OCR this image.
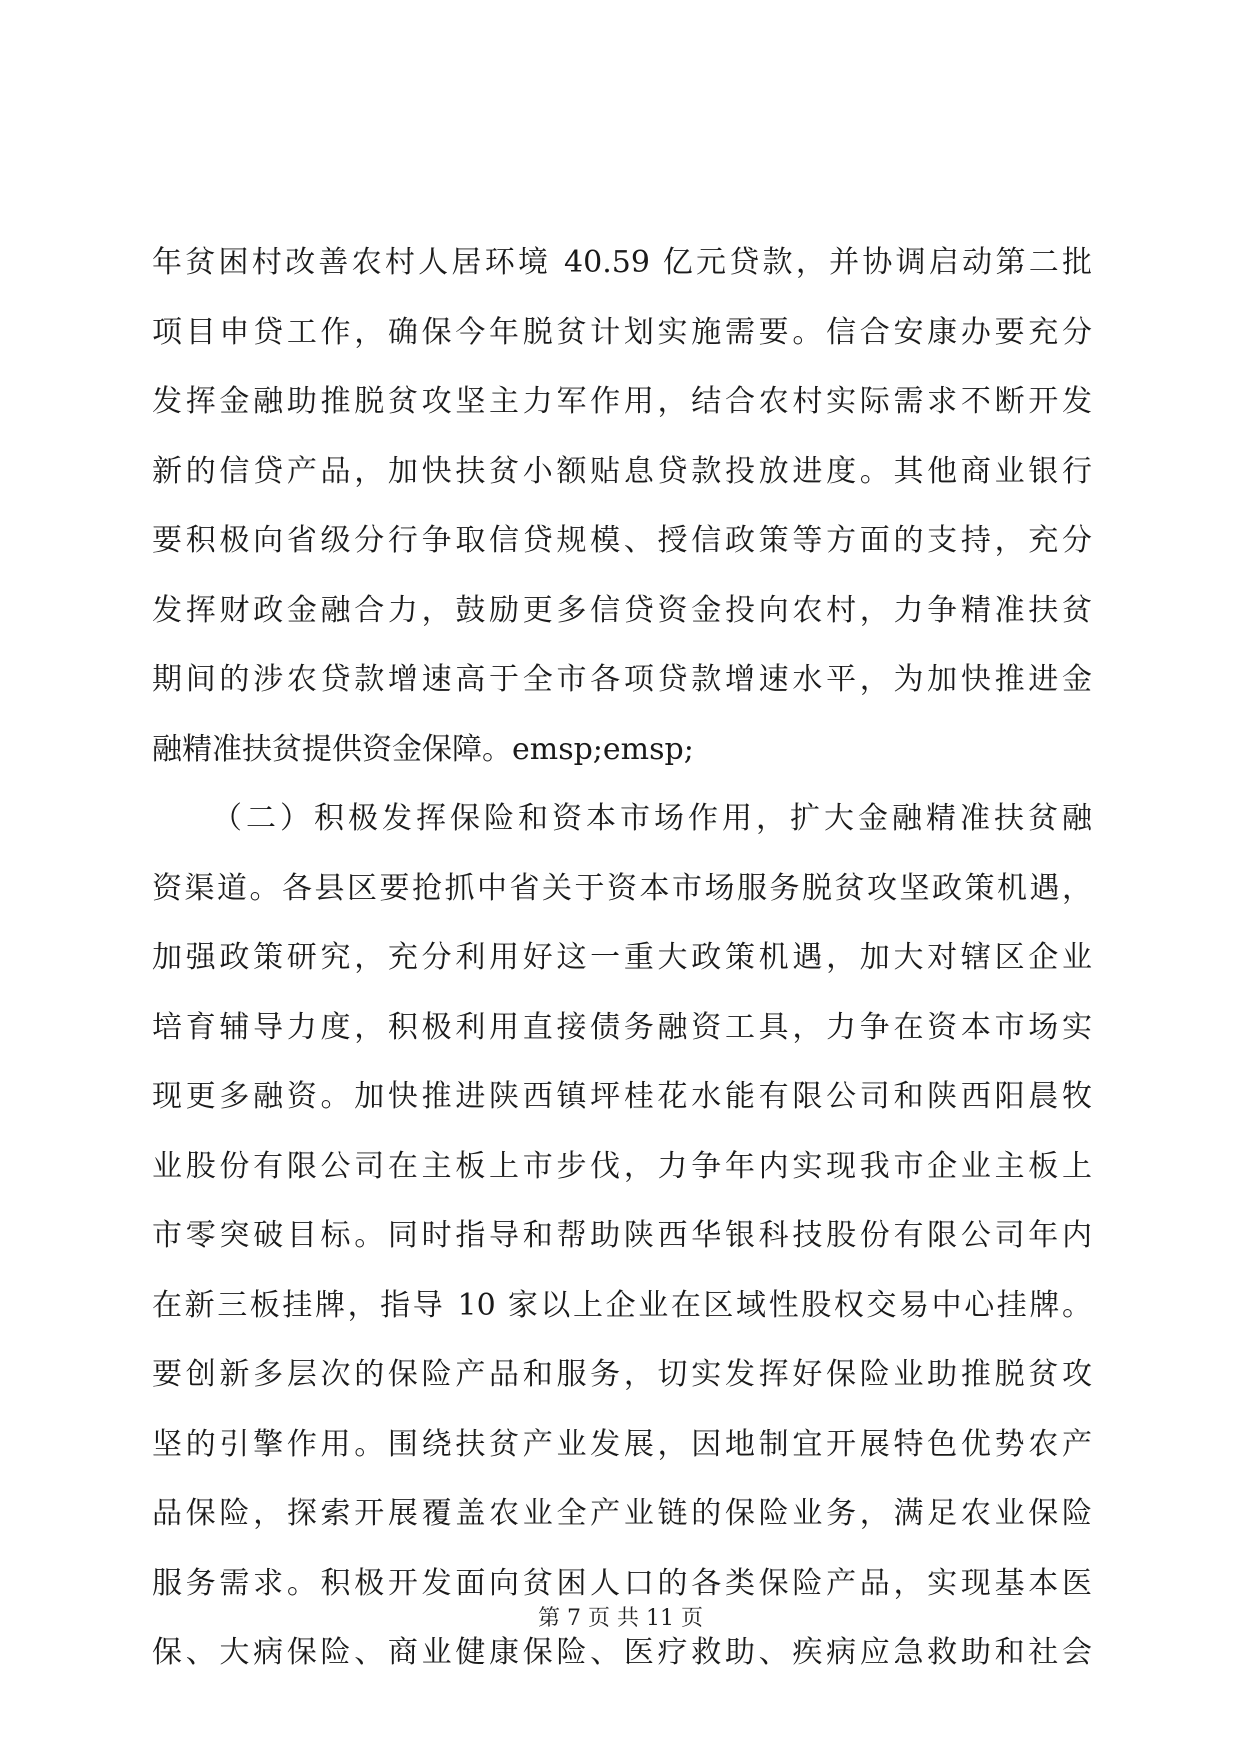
年贫困村改善农村人居环境 40.59 亿元贷款，并协调启动第二批
项目申贷工作，确保今年脱贫计划实施需要。信合安康办要充分
发挥金融助推脱贫攻坚主力军作用，结合农村实际需求不断开发
新的信贷产品，加快扶贫小额贴息贷款投放进度。其他商业银行
要积极向省级分行争取信贷规模、授信政策等方面的支持，充分
发挥财政金融合力，鼓励更多信贷资金投向农村，力争精准扶贫
期间的涉农贷款增速高于全市各项贷款增速水平，为加快推进金
融精准扶贫提供资金保障。emsp;emsp;
（二）积极发挥保险和资本市场作用，扩大金融精准扶贫融
资渠道。各县区要抢抓中省关于资本市场服务脱贫攻坚政策机遇，
加强政策研究，充分利用好这一重大政策机遇，加大对辖区企业
培育辅导力度，积极利用直接债务融资工具，力争在资本市场实
现更多融资。加快推进陕西镇坪桂花水能有限公司和陕西阳晨牧
业股份有限公司在主板上市步伐，力争年内实现我市企业主板上
市零突破目标。同时指导和帮助陕西华银科技股份有限公司年内
在新三板挂牌，指导 10 家以上企业在区域性股权交易中心挂牌。
要创新多层次的保险产品和服务，切实发挥好保险业助推脱贫攻
坚的引擎作用。围绕扶贫产业发展，因地制宜开展特色优势农产
品保险，探索开展覆盖农业全产业链的保险业务，满足农业保险
服务需求。积极开发面向贫困人口的各类保险产品，实现基本医
保、大病保险、商业健康保险、医疗救助、疾病应急救助和社会
第 7 页 共 11 页
